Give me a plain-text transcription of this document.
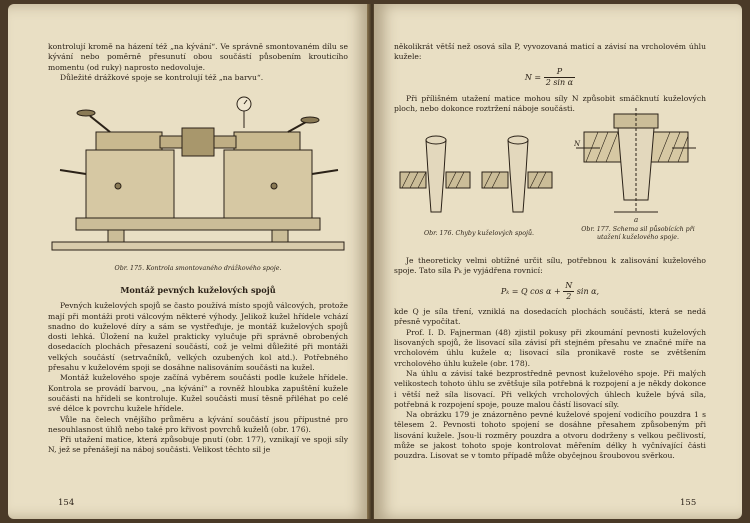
kontrolují kromě na házení též „na kývání“. Ve správně smontovaném dílu se kývání nebo poměrně přesunutí obou součástí působením krouticího momentu (od ruky) naprosto nedovoluje.

Důležité drážkové spoje se kontrolují též „na barvu“.

Obr. 175. Kontrola smontovaného drážkového spoje.

Montáž pevných kuželových spojů

Pevných kuželových spojů se často používá místo spojů válcových, protože mají při montáži proti válcovým některé výhody. Jelikož kužel hřídele vchází snadno do kuželové díry a sám se vystřeďuje, je montáž kuželových spojů dosti lehká. Úložení na kužel prakticky vylučuje při správně obrobených dosedacích plochách přesazení součástí, což je velmi důležité při montáži velkých součástí (setrvačníků, velkých ozubených kol atd.). Potřebného přesahu v kuželovém spoji se dosáhne nalisováním součásti na kužel.

Montáž kuželového spoje začíná vyběrem součásti podle kužele hřídele. Kontrola se provádí barvou, „na kývání“ a rovněž hloubka zapuštění kužele součásti na hřídeli se kontroluje. Kužel součásti musí těsně přiléhat po celé své délce k povrchu kužele hřídele.

Vůle na čelech vnějšího průměru a kývání součástí jsou přípustné pro nesouhlasnost úhlů nebo také pro křivost povrchů kuželů (obr. 176).

Při utažení matice, která způsobuje pnutí (obr. 177), vznikají ve spoji síly N, jež se přenášejí na náboj součásti. Velikost těchto sil je

154

několikrát větší než osová síla P, vyvozovaná maticí a závisí na vrcholovém úhlu kužele:

$N = \frac{P}{\text{2 sin α}}$

Při přílišném utažení matice mohou síly N způsobit smáčknutí kuželových ploch, nebo dokonce roztržení náboje součásti.

N
a
Obr. 176. Chyby kuželových spojů.
Obr. 177. Schema sil působících při utažení kuželového spoje.

Je theoreticky velmi obtížné určit sílu, potřebnou k zalisování kuželového spoje. Tato síla Pₖ je vyjádřena rovnicí:

Pₖ = Q $\cos \alpha + \frac{N}{2}$ sin α,

kde Q je síla tření, vzniklá na dosedacích plochách součástí, která se nedá přesně vypočítat.

Prof. I. D. Fajnerman (48) zjistil pokusy při zkoumání pevnosti kuželových lisovaných spojů, že lisovací síla závisí při stejném přesahu ve značné míře na vrcholovém úhlu kužele α; lisovací síla pronikavě roste se zvětšením vrcholového úhlu kužele (obr. 178).

Na úhlu α závisí také bezprostředně pevnost kuželového spoje. Při malých velikostech tohoto úhlu se zvětšuje síla potřebná k rozpojení a je někdy dokonce i větší než síla lisovací. Při velkých vrcholových úhlech kužele bývá síla, potřebná k rozpojení spoje, pouze malou částí lisovací síly.

Na obrázku 179 je znázorněno pevné kuželové spojení vodicího pouzdra 1 s tělesem 2. Pevnosti tohoto spojení se dosáhne přesahem způsobeným při lisování kužele. Jsou-li rozměry pouzdra a otvoru dodrženy s velkou pečlivostí, může se jakost tohoto spoje kontrolovat měřením délky h vyčnívající části pouzdra. Lisovat se v tomto případě může obyčejnou šroubovou svěrkou.

155
